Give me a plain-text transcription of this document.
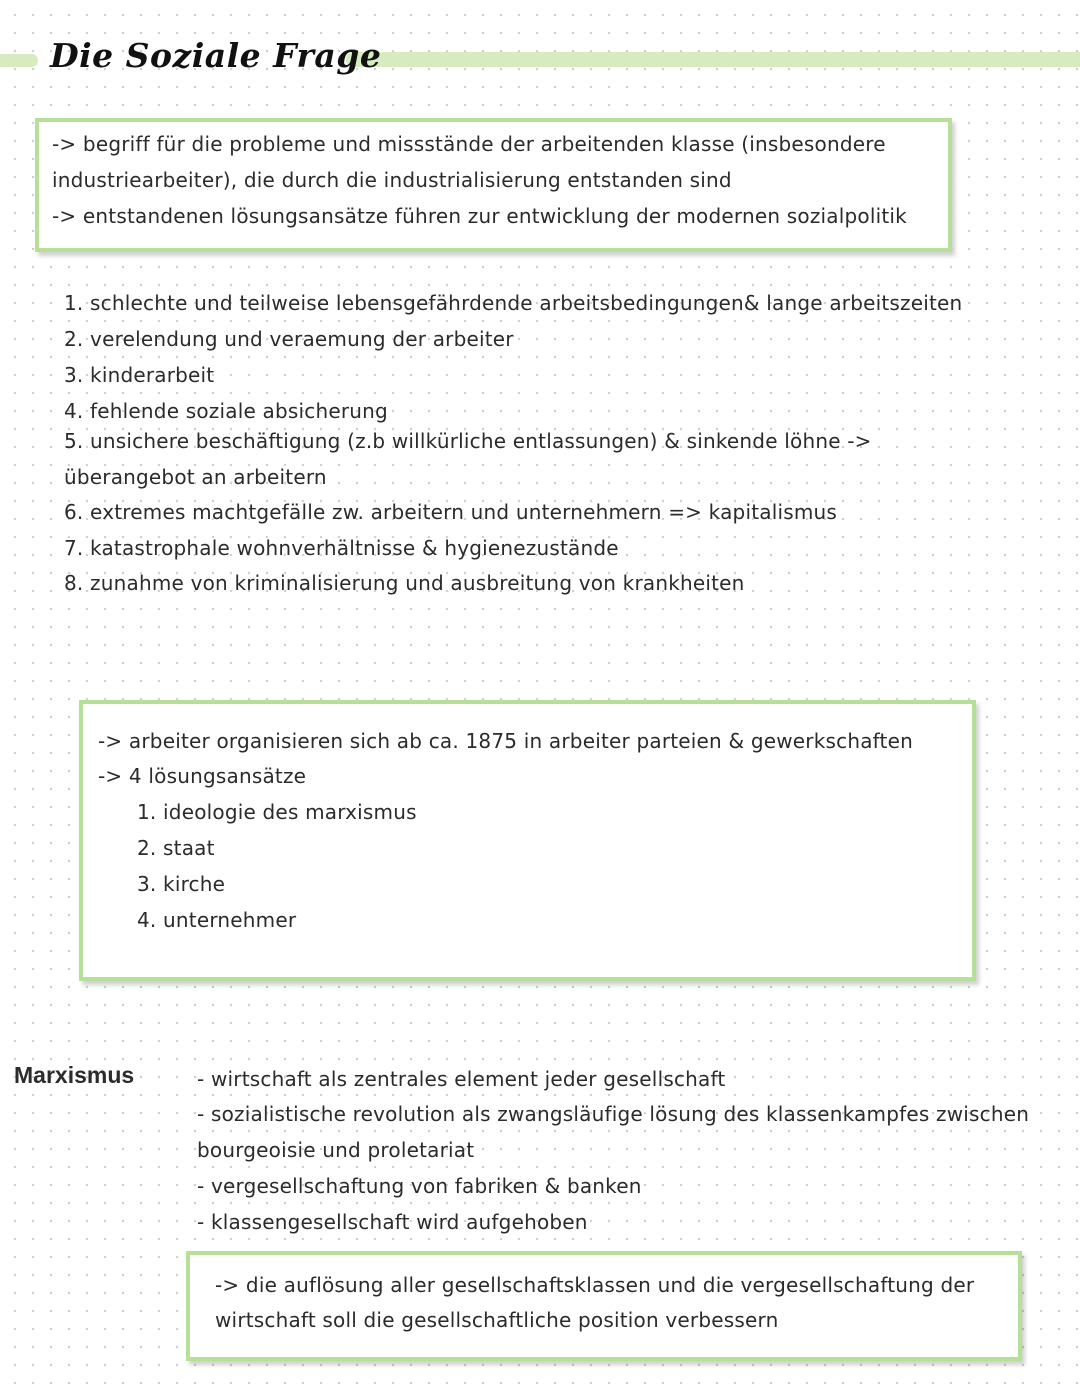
Die Soziale Frage
-> begriff für die probleme und missstände der arbeitenden klasse (insbesondere
industriearbeiter), die durch die industrialisierung entstanden sind
-> entstandenen lösungsansätze führen zur entwicklung der modernen sozialpolitik
1. schlechte und teilweise lebensgefährdende arbeitsbedingungen& lange arbeitszeiten
2. verelendung und veraemung der arbeiter
3. kinderarbeit
4. fehlende soziale absicherung
5. unsichere beschäftigung (z.b willkürliche entlassungen) & sinkende löhne ->
überangebot an arbeitern
6. extremes machtgefälle zw. arbeitern und unternehmern => kapitalismus
7. katastrophale wohnverhältnisse & hygienezustände
8. zunahme von kriminalisierung und ausbreitung von krankheiten
-> arbeiter organisieren sich ab ca. 1875 in arbeiter parteien & gewerkschaften
-> 4 lösungsansätze
1. ideologie des marxismus
2. staat
3. kirche
4. unternehmer
Marxismus	- wirtschaft als zentrales element jeder gesellschaft
- sozialistische revolution als zwangsläufige lösung des klassenkampfes zwischen
bourgeoisie und proletariat
- vergesellschaftung von fabriken & banken
- klassengesellschaft wird aufgehoben
-> die auflösung aller gesellschaftsklassen und die vergesellschaftung der
wirtschaft soll die gesellschaftliche position verbessern
